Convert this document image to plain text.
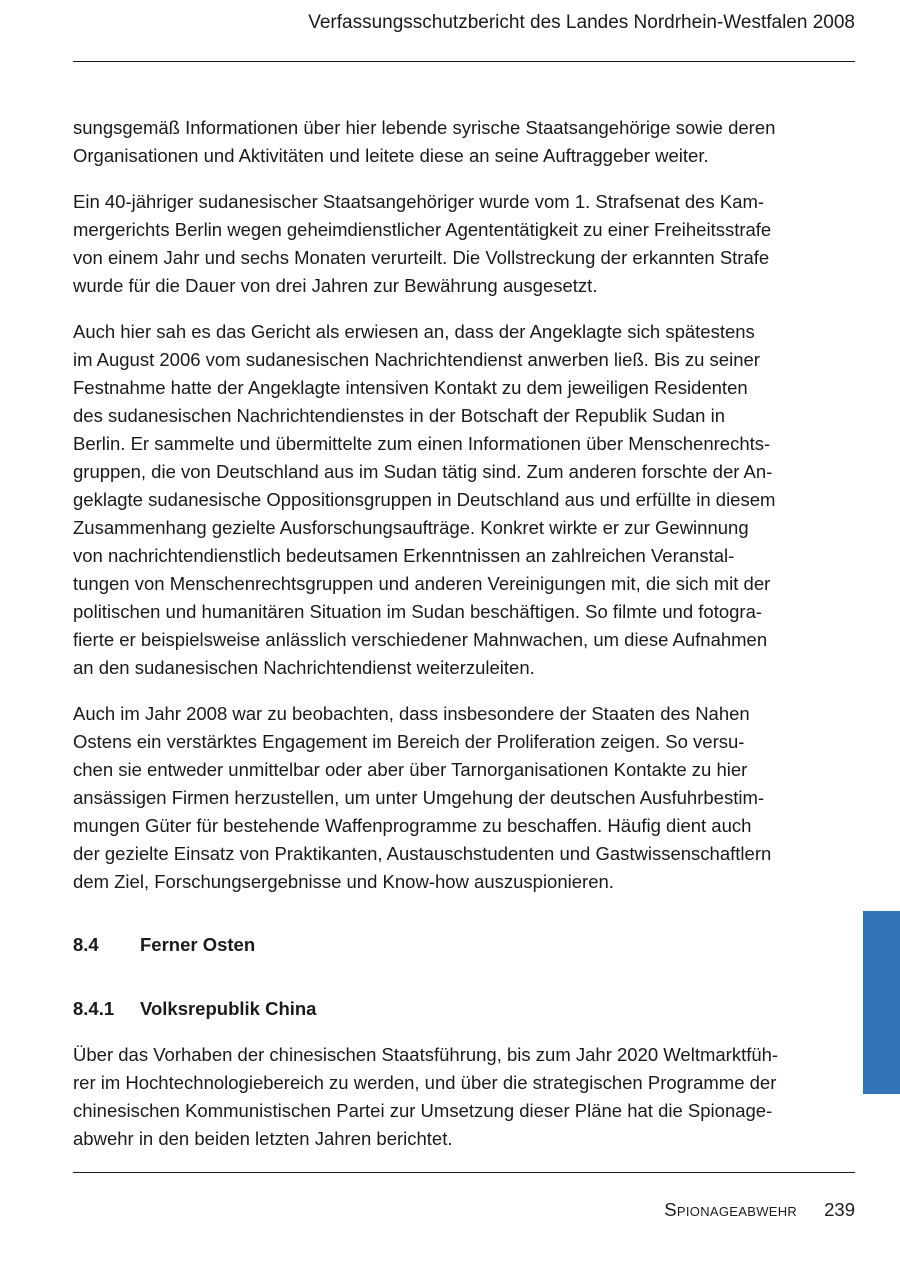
Verfassungsschutzbericht des Landes Nordrhein-Westfalen 2008

sungsgemäß Informationen über hier lebende syrische Staatsangehörige sowie deren
Organisationen und Aktivitäten und leitete diese an seine Auftraggeber weiter.

Ein 40-jähriger sudanesischer Staatsangehöriger wurde vom 1. Strafsenat des Kam-
mergerichts Berlin wegen geheimdienstlicher Agententätigkeit zu einer Freiheitsstrafe
von einem Jahr und sechs Monaten verurteilt. Die Vollstreckung der erkannten Strafe
wurde für die Dauer von drei Jahren zur Bewährung ausgesetzt.

Auch hier sah es das Gericht als erwiesen an, dass der Angeklagte sich spätestens
im August 2006 vom sudanesischen Nachrichtendienst anwerben ließ. Bis zu seiner
Festnahme hatte der Angeklagte intensiven Kontakt zu dem jeweiligen Residenten
des sudanesischen Nachrichtendienstes in der Botschaft der Republik Sudan in
Berlin. Er sammelte und übermittelte zum einen Informationen über Menschenrechts-
gruppen, die von Deutschland aus im Sudan tätig sind. Zum anderen forschte der An-
geklagte sudanesische Oppositionsgruppen in Deutschland aus und erfüllte in diesem
Zusammenhang gezielte Ausforschungsaufträge. Konkret wirkte er zur Gewinnung
von nachrichtendienstlich bedeutsamen Erkenntnissen an zahlreichen Veranstal-
tungen von Menschenrechtsgruppen und anderen Vereinigungen mit, die sich mit der
politischen und humanitären Situation im Sudan beschäftigen. So filmte und fotogra-
fierte er beispielsweise anlässlich verschiedener Mahnwachen, um diese Aufnahmen
an den sudanesischen Nachrichtendienst weiterzuleiten.

Auch im Jahr 2008 war zu beobachten, dass insbesondere der Staaten des Nahen
Ostens ein verstärktes Engagement im Bereich der Proliferation zeigen. So versu-
chen sie entweder unmittelbar oder aber über Tarnorganisationen Kontakte zu hier
ansässigen Firmen herzustellen, um unter Umgehung der deutschen Ausfuhrbestim-
mungen Güter für bestehende Waffenprogramme zu beschaffen. Häufig dient auch
der gezielte Einsatz von Praktikanten, Austauschstudenten und Gastwissenschaftlern
dem Ziel, Forschungsergebnisse und Know-how auszuspionieren.

8.4	Ferner Osten
8.4.1	Volksrepublik China

Über das Vorhaben der chinesischen Staatsführung, bis zum Jahr 2020 Weltmarktfüh-
rer im Hochtechnologiebereich zu werden, und über die strategischen Programme der
chinesischen Kommunistischen Partei zur Umsetzung dieser Pläne hat die Spionage-
abwehr in den beiden letzten Jahren berichtet.

Spionageabwehr 239
